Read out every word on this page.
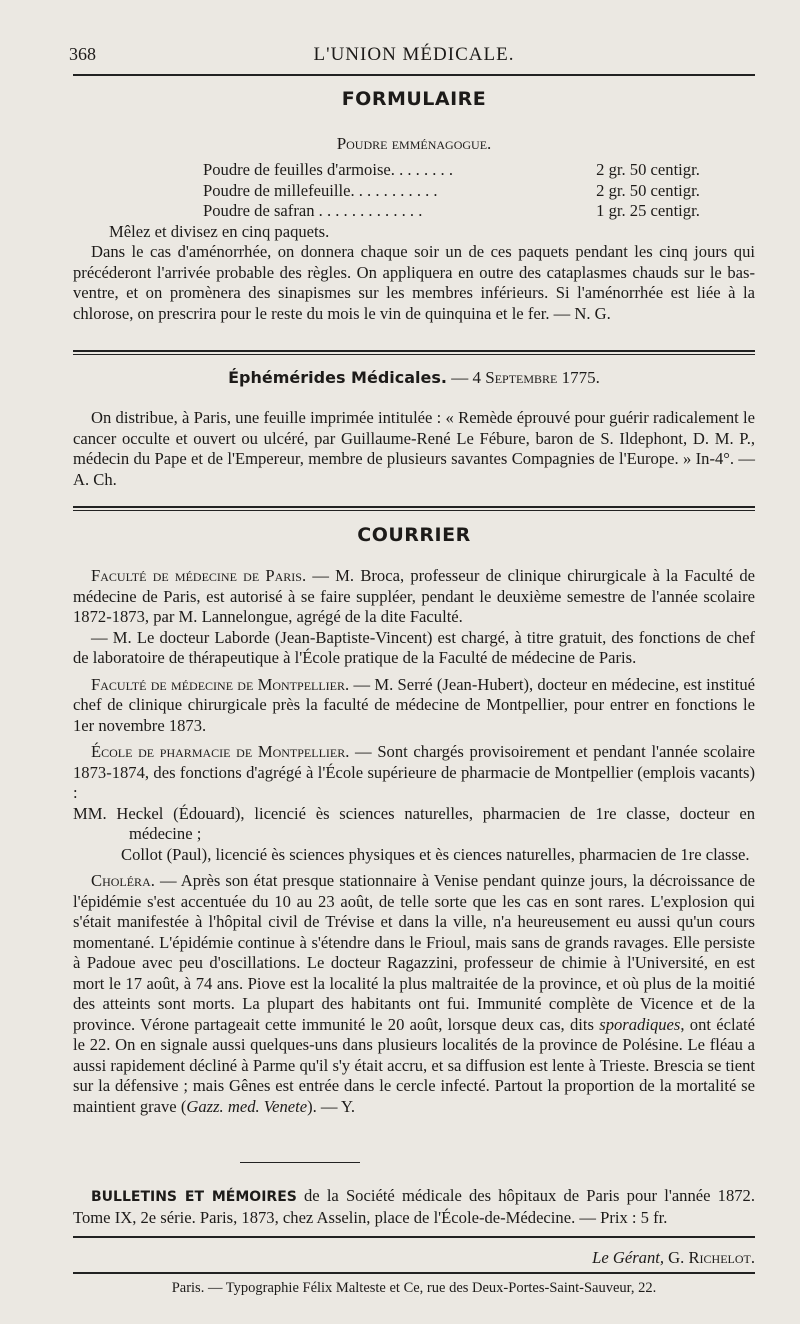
368	L'UNION MÉDICALE.
FORMULAIRE
Poudre emménagogue.
Poudre de feuilles d'armoise. . . . . . . .	2 gr. 50 centigr.
Poudre de millefeuille. . . . . . . . . . .	2 gr. 50 centigr.
Poudre de safran . . . . . . . . . . . . .	1 gr. 25 centigr.

Mêlez et divisez en cinq paquets.

Dans le cas d'aménorrhée, on donnera chaque soir un de ces paquets pendant les cinq jours qui précéderont l'arrivée probable des règles. On appliquera en outre des cataplasmes chauds sur le bas-ventre, et on promènera des sinapismes sur les membres inférieurs. Si l'aménorrhée est liée à la chlorose, on prescrira pour le reste du mois le vin de quinquina et le fer. — N. G.

Éphémérides Médicales. — 4 Septembre 1775.

On distribue, à Paris, une feuille imprimée intitulée : « Remède éprouvé pour guérir radicalement le cancer occulte et ouvert ou ulcéré, par Guillaume-René Le Fébure, baron de S. Ildephont, D. M. P., médecin du Pape et de l'Empereur, membre de plusieurs savantes Compagnies de l'Europe. » In-4°. — A. Ch.

COURRIER

Faculté de médecine de Paris. — M. Broca, professeur de clinique chirurgicale à la Faculté de médecine de Paris, est autorisé à se faire suppléer, pendant le deuxième semestre de l'année scolaire 1872-1873, par M. Lannelongue, agrégé de la dite Faculté.

— M. Le docteur Laborde (Jean-Baptiste-Vincent) est chargé, à titre gratuit, des fonctions de chef de laboratoire de thérapeutique à l'École pratique de la Faculté de médecine de Paris.

Faculté de médecine de Montpellier. — M. Serré (Jean-Hubert), docteur en médecine, est institué chef de clinique chirurgicale près la faculté de médecine de Montpellier, pour entrer en fonctions le 1er novembre 1873.

École de pharmacie de Montpellier. — Sont chargés provisoirement et pendant l'année scolaire 1873-1874, des fonctions d'agrégé à l'École supérieure de pharmacie de Montpellier (emplois vacants) :

MM. Heckel (Édouard), licencié ès sciences naturelles, pharmacien de 1re classe, docteur en médecine ;

Collot (Paul), licencié ès sciences physiques et ès ciences naturelles, pharmacien de 1re classe.

Choléra. — Après son état presque stationnaire à Venise pendant quinze jours, la décroissance de l'épidémie s'est accentuée du 10 au 23 août, de telle sorte que les cas en sont rares. L'explosion qui s'était manifestée à l'hôpital civil de Trévise et dans la ville, n'a heureusement eu aussi qu'un cours momentané. L'épidémie continue à s'étendre dans le Frioul, mais sans de grands ravages. Elle persiste à Padoue avec peu d'oscillations. Le docteur Ragazzini, professeur de chimie à l'Université, en est mort le 17 août, à 74 ans. Piove est la localité la plus maltraitée de la province, et où plus de la moitié des atteints sont morts. La plupart des habitants ont fui. Immunité complète de Vicence et de la province. Vérone partageait cette immunité le 20 août, lorsque deux cas, dits sporadiques, ont éclaté le 22. On en signale aussi quelques-uns dans plusieurs localités de la province de Polésine. Le fléau a aussi rapidement décliné à Parme qu'il s'y était accru, et sa diffusion est lente à Trieste. Brescia se tient sur la défensive ; mais Gênes est entrée dans le cercle infecté. Partout la proportion de la mortalité se maintient grave (Gazz. med. Venete). — Y.

BULLETINS ET MÉMOIRES de la Société médicale des hôpitaux de Paris pour l'année 1872. Tome IX, 2e série. Paris, 1873, chez Asselin, place de l'École-de-Médecine. — Prix : 5 fr.

Le Gérant, G. Richelot.
Paris. — Typographie Félix Malteste et Ce, rue des Deux-Portes-Saint-Sauveur, 22.
